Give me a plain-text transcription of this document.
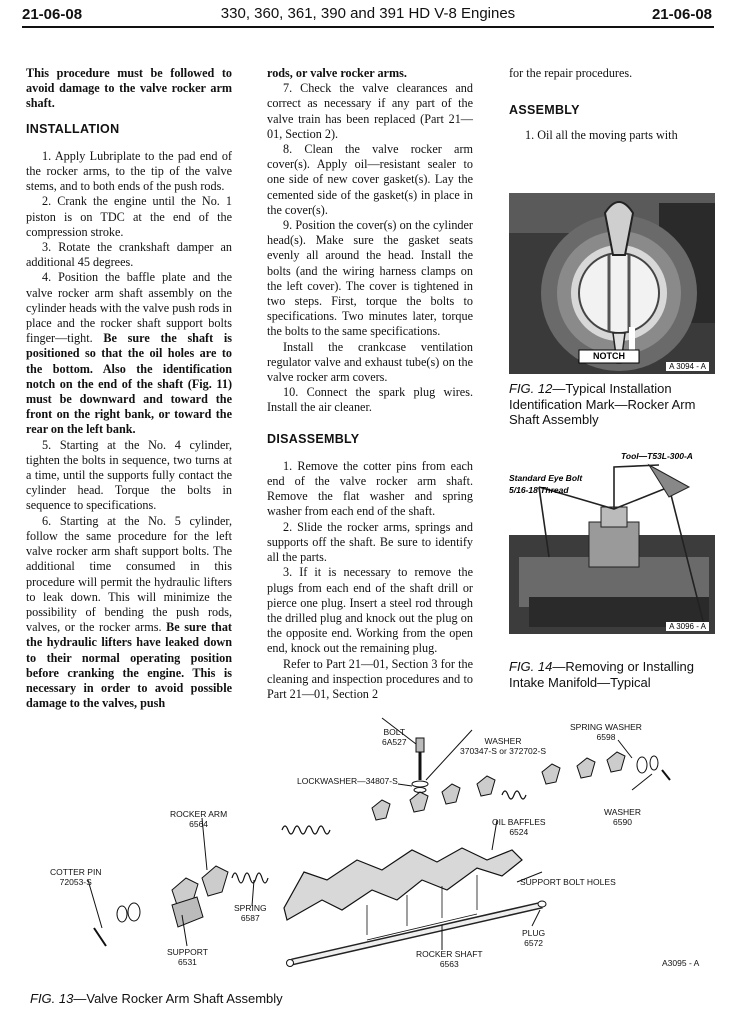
21-06-08	330, 360, 361, 390 and 391 HD V-8 Engines	21-06-08

This procedure must be followed to avoid damage to the valve rocker arm shaft.

INSTALLATION

1. Apply Lubriplate to the pad end of the rocker arms, to the tip of the valve stems, and to both ends of the push rods.

2. Crank the engine until the No. 1 piston is on TDC at the end of the compression stroke.

3. Rotate the crankshaft damper an additional 45 degrees.

4. Position the baffle plate and the valve rocker arm shaft assembly on the cylinder heads with the valve push rods in place and the rocker shaft support bolts finger—tight. Be sure the shaft is positioned so that the oil holes are to the bottom. Also the identification notch on the end of the shaft (Fig. 11) must be downward and toward the front on the right bank, or toward the rear on the left bank.

5. Starting at the No. 4 cylinder, tighten the bolts in sequence, two turns at a time, until the supports fully contact the cylinder head. Torque the bolts in sequence to specifications.

6. Starting at the No. 5 cylinder, follow the same procedure for the left valve rocker arm shaft support bolts. The additional time consumed in this procedure will permit the hydraulic lifters to leak down. This will minimize the possibility of bending the push rods, valves, or the rocker arms. Be sure that the hydraulic lifters have leaked down to their normal operating position before cranking the engine. This is necessary in order to avoid possible damage to the valves, push

rods, or valve rocker arms.

7. Check the valve clearances and correct as necessary if any part of the valve train has been replaced (Part 21—01, Section 2).

8. Clean the valve rocker arm cover(s). Apply oil—resistant sealer to one side of new cover gasket(s). Lay the cemented side of the gasket(s) in place in the cover(s).

9. Position the cover(s) on the cylinder head(s). Make sure the gasket seats evenly all around the head. Install the bolts (and the wiring harness clamps on the left cover). The cover is tightened in two steps. First, torque the bolts to specifications. Two minutes later, torque the bolts to the same specifications.

Install the crankcase ventilation regulator valve and exhaust tube(s) on the valve rocker arm covers.

10. Connect the spark plug wires. Install the air cleaner.

DISASSEMBLY

1. Remove the cotter pins from each end of the valve rocker arm shaft. Remove the flat washer and spring washer from each end of the shaft.

2. Slide the rocker arms, springs and supports off the shaft. Be sure to identify all the parts.

3. If it is necessary to remove the plugs from each end of the shaft drill or pierce one plug. Insert a steel rod through the drilled plug and knock out the plug on the opposite end. Working from the open end, knock out the remaining plug.

Refer to Part 21—01, Section 3 for the cleaning and inspection procedures and to Part 21—01, Section 2

for the repair procedures.

ASSEMBLY

1. Oil all the moving parts with

NOTCH
A 3094 - A
FIG. 12—Typical Installation Identification Mark—Rocker Arm Shaft Assembly
Tool—T53L-300-A
Standard Eye Bolt
5/16-18 Thread
A 3096 - A
FIG. 14—Removing or Installing Intake Manifold—Typical
BOLT
6A527	WASHER
370347-S or 372702-S
SPRING WASHER
6598
LOCKWASHER—34807-S
WASHER
6590
ROCKER ARM
6564	OIL BAFFLES
6524
COTTER PIN
72053-S	SUPPORT BOLT HOLES
SPRING
6587
PLUG
6572
SUPPORT
6531
ROCKER SHAFT
6563	A3095 - A
FIG. 13—Valve Rocker Arm Shaft Assembly
